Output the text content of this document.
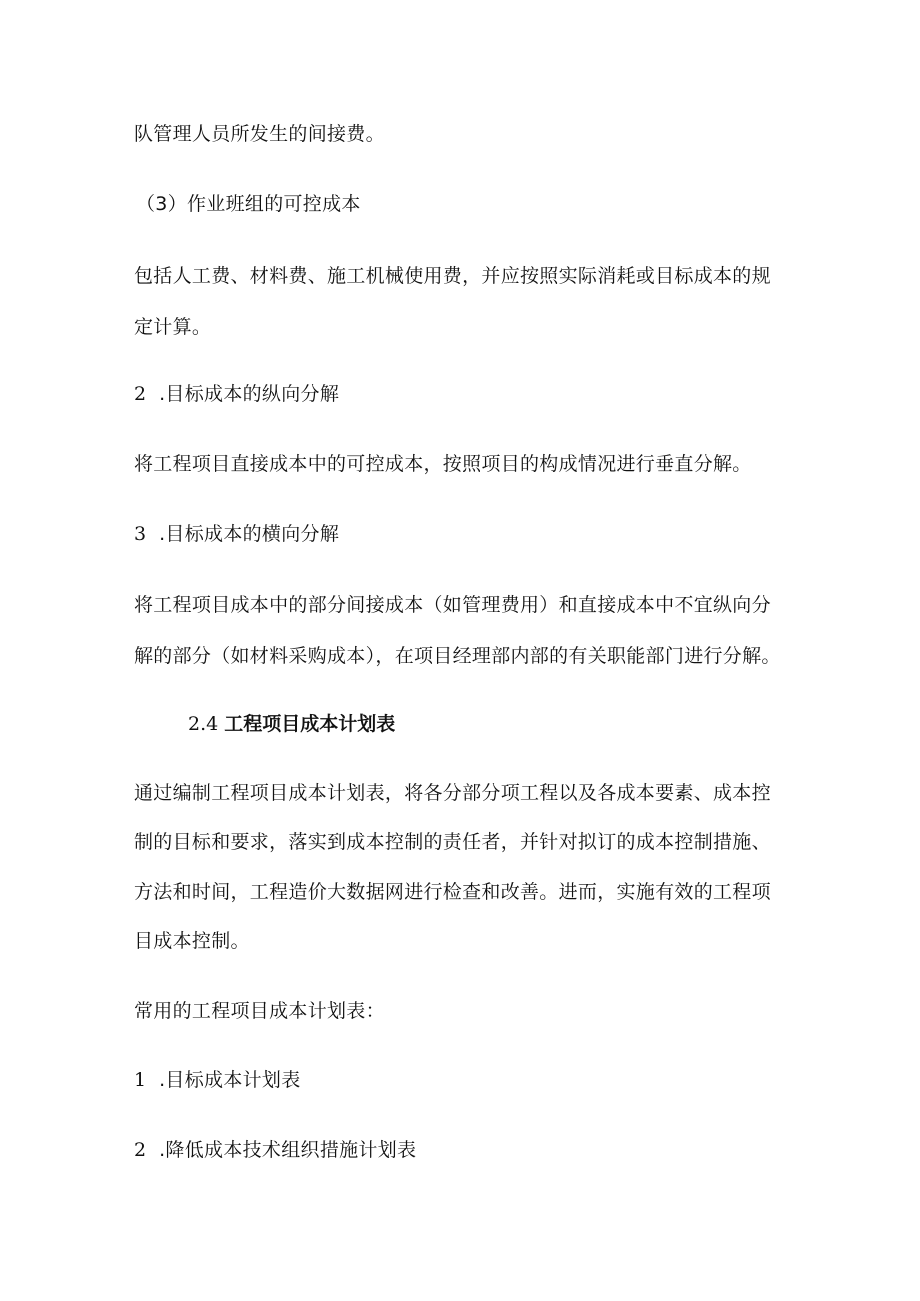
队管理人员所发生的间接费。
（3）作业班组的可控成本
包括人工费、材料费、施工机械使用费，并应按照实际消耗或目标成本的规
定计算。
2 .目标成本的纵向分解
将工程项目直接成本中的可控成本，按照项目的构成情况进行垂直分解。
3 .目标成本的横向分解
将工程项目成本中的部分间接成本（如管理费用）和直接成本中不宜纵向分
解的部分（如材料采购成本），在项目经理部内部的有关职能部门进行分解。
2.4 工程项目成本计划表
通过编制工程项目成本计划表，将各分部分项工程以及各成本要素、成本控
制的目标和要求，落实到成本控制的责任者，并针对拟订的成本控制措施、
方法和时间，工程造价大数据网进行检查和改善。进而，实施有效的工程项
目成本控制。
常用的工程项目成本计划表：
1 .目标成本计划表
2 .降低成本技术组织措施计划表
